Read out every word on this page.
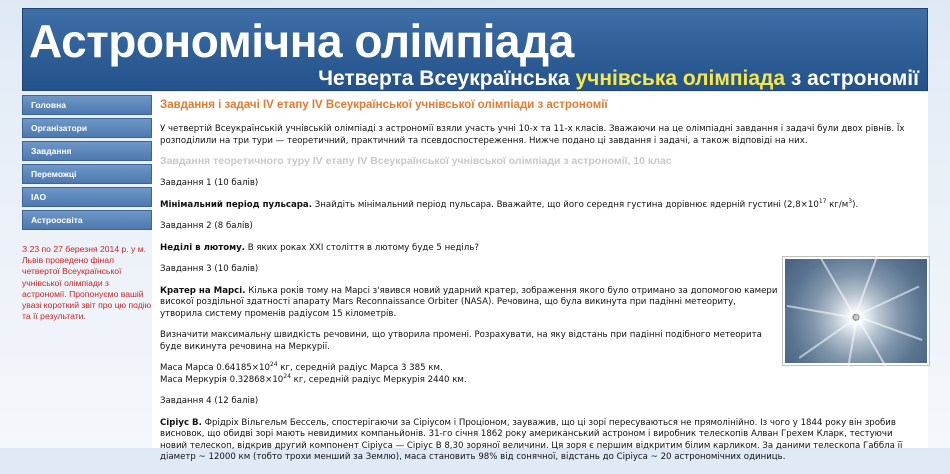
Астрономічна олімпіада
Четверта Всеукраїнська учнівська олімпіада з астрономії
Головна
Організатори
Завдання
Переможці
IAO
Астроосвіта
З 23 по 27 березня 2014 р. у м. Львів проведено фінал четвертої Всеукраїнської учнівської олімпіади з астрономії. Пропонуємо вашій увазі короткий звіт про цю подію та її результати.
Завдання і задачі IV етапу IV Всеукраїнської учнівської олімпіади з астрономії

У четвертій Всеукраїнській учнівській олімпіаді з астрономії взяли участь учні 10-х та 11-х класів. Зважаючи на це олімпіадні завдання і задачі були двох рівнів. Їх розподілили на три тури — теоретичний, практичний та псевдоспостереження. Нижче подано ці завдання і задачі, а також відповіді на них.

Завдання теоретичного туру IV етапу IV Всеукраїнської учнівської олімпіади з астрономії, 10 клас

Завдання 1 (10 балів)

Мінімальний період пульсара. Знайдіть мінімальний період пульсара. Вважайте, що його середня густина дорівнює ядерній густині ($2,8\times 10^{17}$ $кг/м^3$).

Завдання 2 (8 балів)

Неділі в лютому. В яких роках XXI століття в лютому буде 5 неділь?

Завдання 3 (10 балів)

Кратер на Марсі. Кілька років тому на Марсі з'явився новий ударний кратер, зображення якого було отримано за допомогою камери високої роздільної здатності апарату Mars Reconnaissance Orbiter (NASA). Речовина, що була викинута при падінні метеориту, утворила систему променів радіусом 15 кілометрів.

Визначити максимальну швидкість речовини, що утворила промені. Розрахувати, на яку відстань при падінні подібного метеорита буде викинута речовина на Меркурії.

Маса Марса $0.64185\times 10^{24}$ кг, середній радіус Марса 3 385 км.

Маса Меркурія $0.32868\times 10^{24}$ кг, середній радіус Меркурія 2440 км.

Завдання 4 (12 балів)

Сіріус В. Фрідріх Вільгельм Бессель, спостерігаючи за Сіріусом і Проціоном, зауважив, що ці зорі пересуваються не прямолінійно. Із чого у 1844 року він зробив висновок, що обидві зорі мають невидимих компаньйонів. 31-го січня 1862 року американський астроном і виробник телескопів Алван Грехем Кларк, тестуючи новий телескоп, відкрив другий компонент Сіріуса — Сіріус В 8,30 зоряної величини. Ця зоря є першим відкритим білим карликом. За даними телескопа Габбла її діаметр ~ 12000 км (тобто трохи менший за Землю), маса становить 98% від сонячної, відстань до Сіріуса ~ 20 астрономічних одиниць.
